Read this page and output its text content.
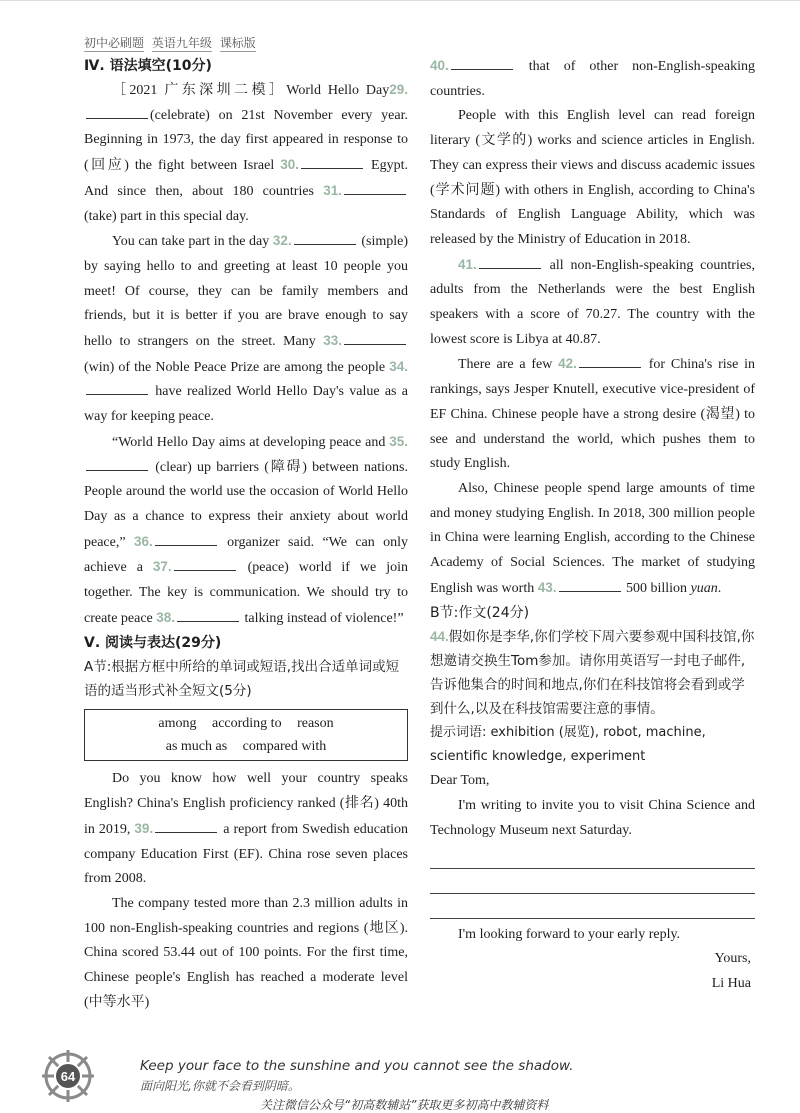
初中必刷题 英语九年级 课标版

Ⅳ. 语法填空(10分)

［2021 广东深圳二模］World Hello Day29.(celebrate) on 21st November every year. Beginning in 1973, the day first appeared in response to (回应) the fight between Israel 30.	Egypt. And since then, about 180 countries 31. (take) part in this special day.

You can take part in the day 32.	(simple) by saying hello to and greeting at least 10 people you meet! Of course, they can be family members and friends, but it is better if you are brave enough to say hello to strangers on the street. Many 33. (win) of the Noble Peace Prize are among the people 34. have realized World Hello Day's value as a way for keeping peace.

“World Hello Day aims at developing peace and 35. (clear) up barriers (障碍) between nations. People around the world use the occasion of World Hello Day as a chance to express their anxiety about world peace,” 36.	organizer said. “We can only achieve a 37.	(peace) world if we join together. The key is communication. We should try to create peace 38.	talking instead of violence!”

Ⅴ. 阅读与表达(29分)

A节:根据方框中所给的单词或短语,找出合适单词或短语的适当形式补全短文(5分)

among according to reason
as much as compared with

Do you know how well your country speaks English? China's English proficiency ranked (排名) 40th in 2019, 39.	a report from Swedish education company Education First (EF). China rose seven places from 2008.

The company tested more than 2.3 million adults in 100 non-English-speaking countries and regions (地区). China scored 53.44 out of 100 points. For the first time, Chinese people's English has reached a moderate level (中等水平)

40.	that of other non-English-speaking countries.

People with this English level can read foreign literary (文学的) works and science articles in English. They can express their views and discuss academic issues (学术问题) with others in English, according to China's Standards of English Language Ability, which was released by the Ministry of Education in 2018.

41.	all non-English-speaking countries, adults from the Netherlands were the best English speakers with a score of 70.27. The country with the lowest score is Libya at 40.87.

There are a few 42.	for China's rise in rankings, says Jesper Knutell, executive vice-president of EF China. Chinese people have a strong desire (渴望) to see and understand the world, which pushes them to study English.

Also, Chinese people spend large amounts of time and money studying English. In 2018, 300 million people in China were learning English, according to the Chinese Academy of Social Sciences. The market of studying English was worth 43.	500 billion yuan.

B节:作文(24分)

44.假如你是李华,你们学校下周六要参观中国科技馆,你想邀请交换生Tom参加。请你用英语写一封电子邮件,告诉他集合的时间和地点,你们在科技馆将会看到或学到什么,以及在科技馆需要注意的事情。

提示词语: exhibition (展览), robot, machine, scientific knowledge, experiment

Dear Tom,

I'm writing to invite you to visit China Science and Technology Museum next Saturday.

I'm looking forward to your early reply.

Yours,

Li Hua

64
Keep your face to the sunshine and you cannot see the shadow.
面向阳光,你就不会看到阴暗。
关注微信公众号“初高数辅站”获取更多初高中教辅资料
